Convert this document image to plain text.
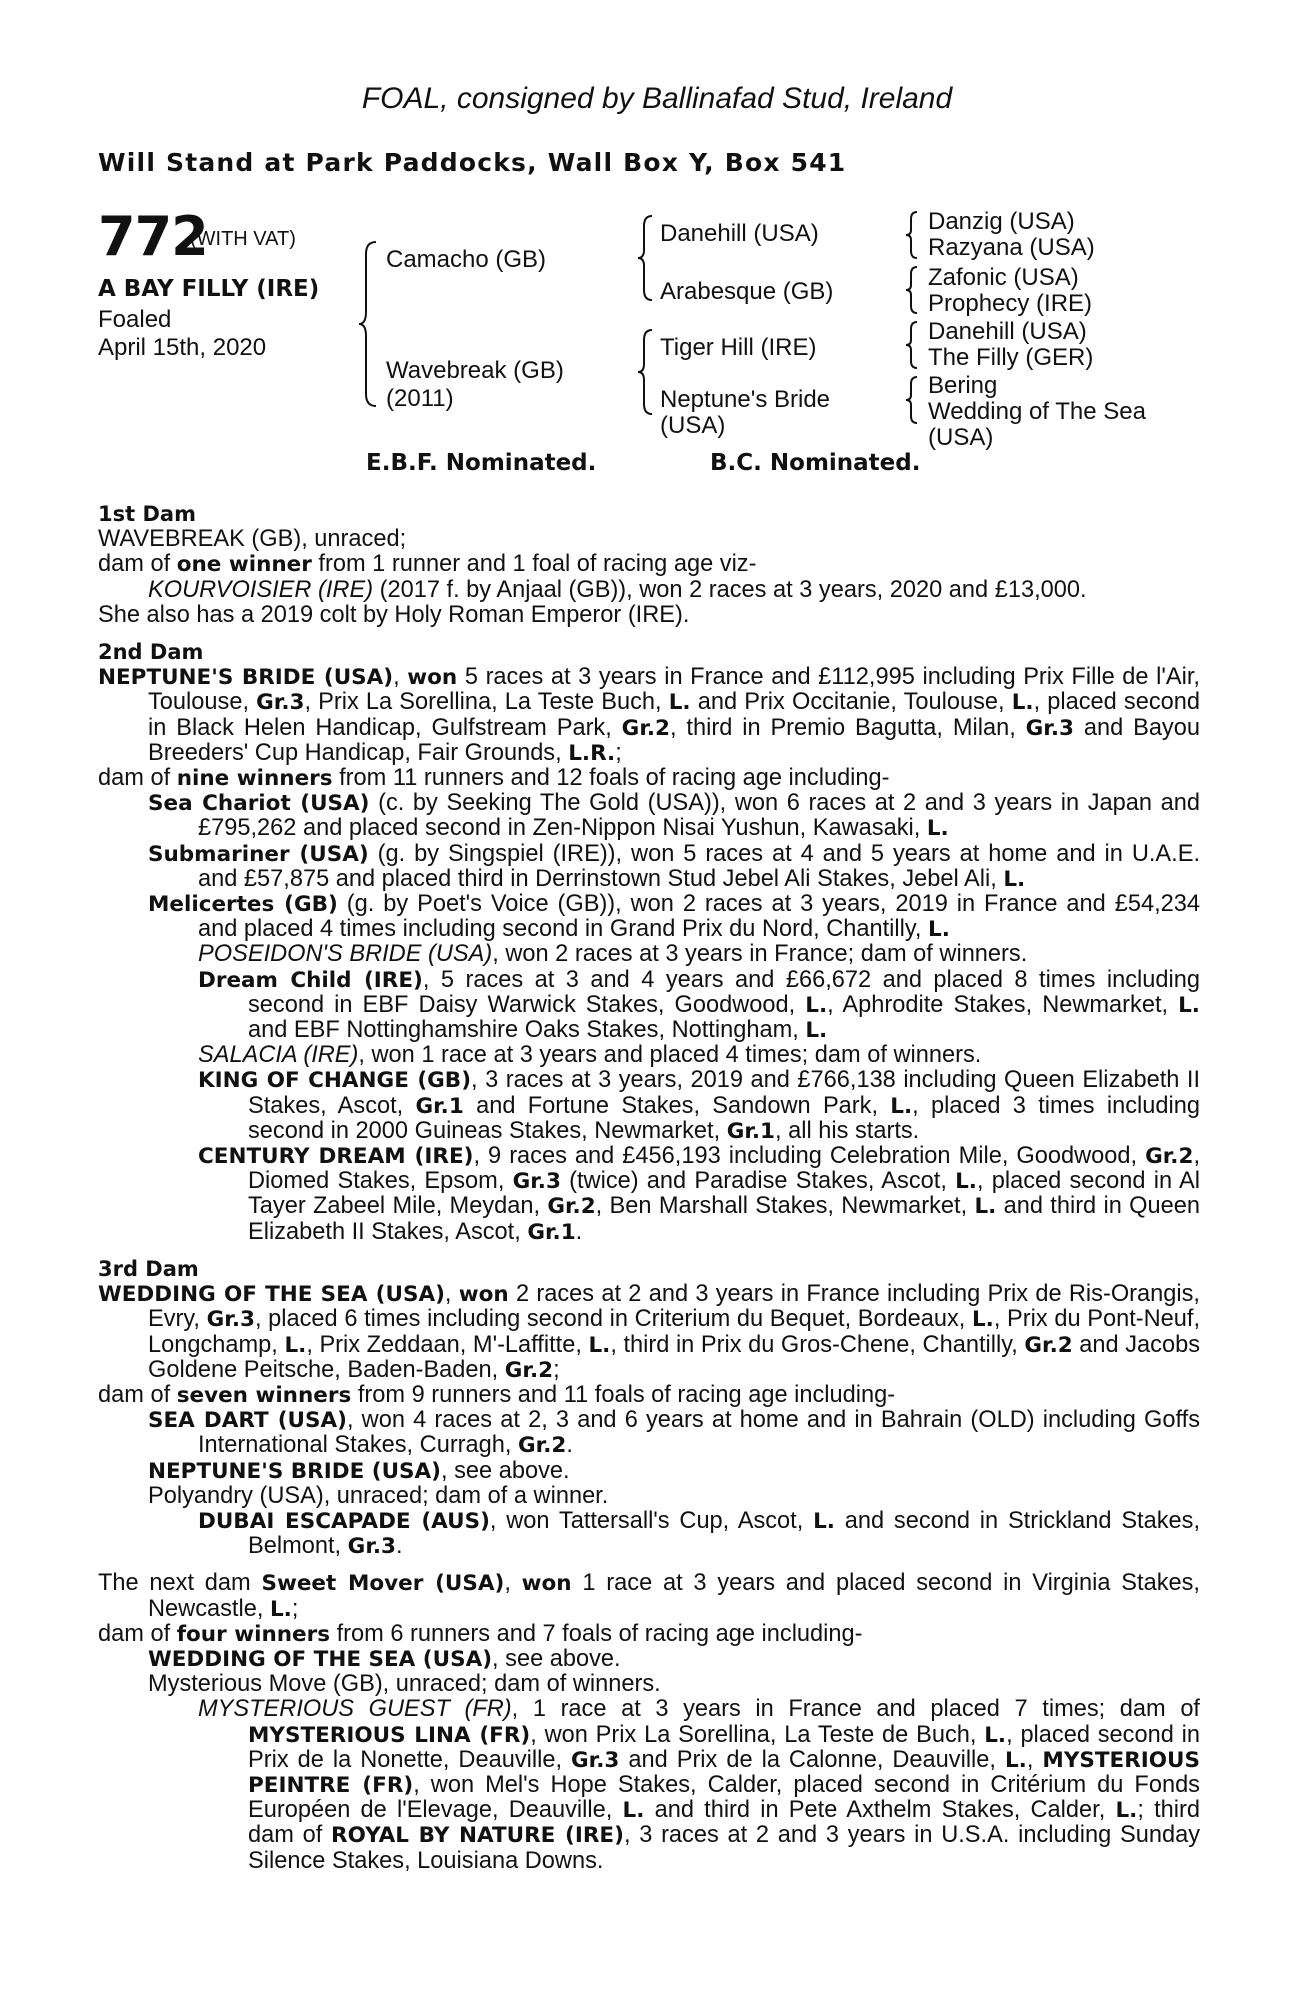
FOAL, consigned by Ballinafad Stud, Ireland
Will Stand at Park Paddocks, Wall Box Y, Box 541
772
(WITH VAT)
A BAY FILLY (IRE)
Foaled
April 15th, 2020
Camacho (GB)
Wavebreak (GB)
(2011)
Danehill (USA)
Arabesque (GB)
Tiger Hill (IRE)
Neptune's Bride
(USA)
Danzig (USA)
Razyana (USA)
Zafonic (USA)
Prophecy (IRE)
Danehill (USA)
The Filly (GER)
Bering
Wedding of The Sea
(USA)
E.B.F. Nominated.	B.C. Nominated.

1st Dam

WAVEBREAK (GB), unraced;

dam of one winner from 1 runner and 1 foal of racing age viz-

KOURVOISIER (IRE) (2017 f. by Anjaal (GB)), won 2 races at 3 years, 2020 and £13,000.

She also has a 2019 colt by Holy Roman Emperor (IRE).

2nd Dam

NEPTUNE'S BRIDE (USA), won 5 races at 3 years in France and £112,995 including Prix Fille de l'Air, Toulouse, Gr.3, Prix La Sorellina, La Teste Buch, L. and Prix Occitanie, Toulouse, L., placed second in Black Helen Handicap, Gulfstream Park, Gr.2, third in Premio Bagutta, Milan, Gr.3 and Bayou Breeders' Cup Handicap, Fair Grounds, L.R.;

dam of nine winners from 11 runners and 12 foals of racing age including-

Sea Chariot (USA) (c. by Seeking The Gold (USA)), won 6 races at 2 and 3 years in Japan and £795,262 and placed second in Zen-Nippon Nisai Yushun, Kawasaki, L.

Submariner (USA) (g. by Singspiel (IRE)), won 5 races at 4 and 5 years at home and in U.A.E. and £57,875 and placed third in Derrinstown Stud Jebel Ali Stakes, Jebel Ali, L.

Melicertes (GB) (g. by Poet's Voice (GB)), won 2 races at 3 years, 2019 in France and £54,234 and placed 4 times including second in Grand Prix du Nord, Chantilly, L.

POSEIDON'S BRIDE (USA), won 2 races at 3 years in France; dam of winners.

Dream Child (IRE), 5 races at 3 and 4 years and £66,672 and placed 8 times including second in EBF Daisy Warwick Stakes, Goodwood, L., Aphrodite Stakes, Newmarket, L. and EBF Nottinghamshire Oaks Stakes, Nottingham, L.

SALACIA (IRE), won 1 race at 3 years and placed 4 times; dam of winners.

KING OF CHANGE (GB), 3 races at 3 years, 2019 and £766,138 including Queen Elizabeth II Stakes, Ascot, Gr.1 and Fortune Stakes, Sandown Park, L., placed 3 times including second in 2000 Guineas Stakes, Newmarket, Gr.1, all his starts.

CENTURY DREAM (IRE), 9 races and £456,193 including Celebration Mile, Goodwood, Gr.2, Diomed Stakes, Epsom, Gr.3 (twice) and Paradise Stakes, Ascot, L., placed second in Al Tayer Zabeel Mile, Meydan, Gr.2, Ben Marshall Stakes, Newmarket, L. and third in Queen Elizabeth II Stakes, Ascot, Gr.1.

3rd Dam

WEDDING OF THE SEA (USA), won 2 races at 2 and 3 years in France including Prix de Ris-Orangis, Evry, Gr.3, placed 6 times including second in Criterium du Bequet, Bordeaux, L., Prix du Pont-Neuf, Longchamp, L., Prix Zeddaan, M'-Laffitte, L., third in Prix du Gros-Chene, Chantilly, Gr.2 and Jacobs Goldene Peitsche, Baden-Baden, Gr.2;

dam of seven winners from 9 runners and 11 foals of racing age including-

SEA DART (USA), won 4 races at 2, 3 and 6 years at home and in Bahrain (OLD) including Goffs International Stakes, Curragh, Gr.2.

NEPTUNE'S BRIDE (USA), see above.

Polyandry (USA), unraced; dam of a winner.

DUBAI ESCAPADE (AUS), won Tattersall's Cup, Ascot, L. and second in Strickland Stakes, Belmont, Gr.3.

The next dam Sweet Mover (USA), won 1 race at 3 years and placed second in Virginia Stakes, Newcastle, L.;

dam of four winners from 6 runners and 7 foals of racing age including-

WEDDING OF THE SEA (USA), see above.

Mysterious Move (GB), unraced; dam of winners.

MYSTERIOUS GUEST (FR), 1 race at 3 years in France and placed 7 times; dam of MYSTERIOUS LINA (FR), won Prix La Sorellina, La Teste de Buch, L., placed second in Prix de la Nonette, Deauville, Gr.3 and Prix de la Calonne, Deauville, L., MYSTERIOUS PEINTRE (FR), won Mel's Hope Stakes, Calder, placed second in Critérium du Fonds Européen de l'Elevage, Deauville, L. and third in Pete Axthelm Stakes, Calder, L.; third dam of ROYAL BY NATURE (IRE), 3 races at 2 and 3 years in U.S.A. including Sunday Silence Stakes, Louisiana Downs.
